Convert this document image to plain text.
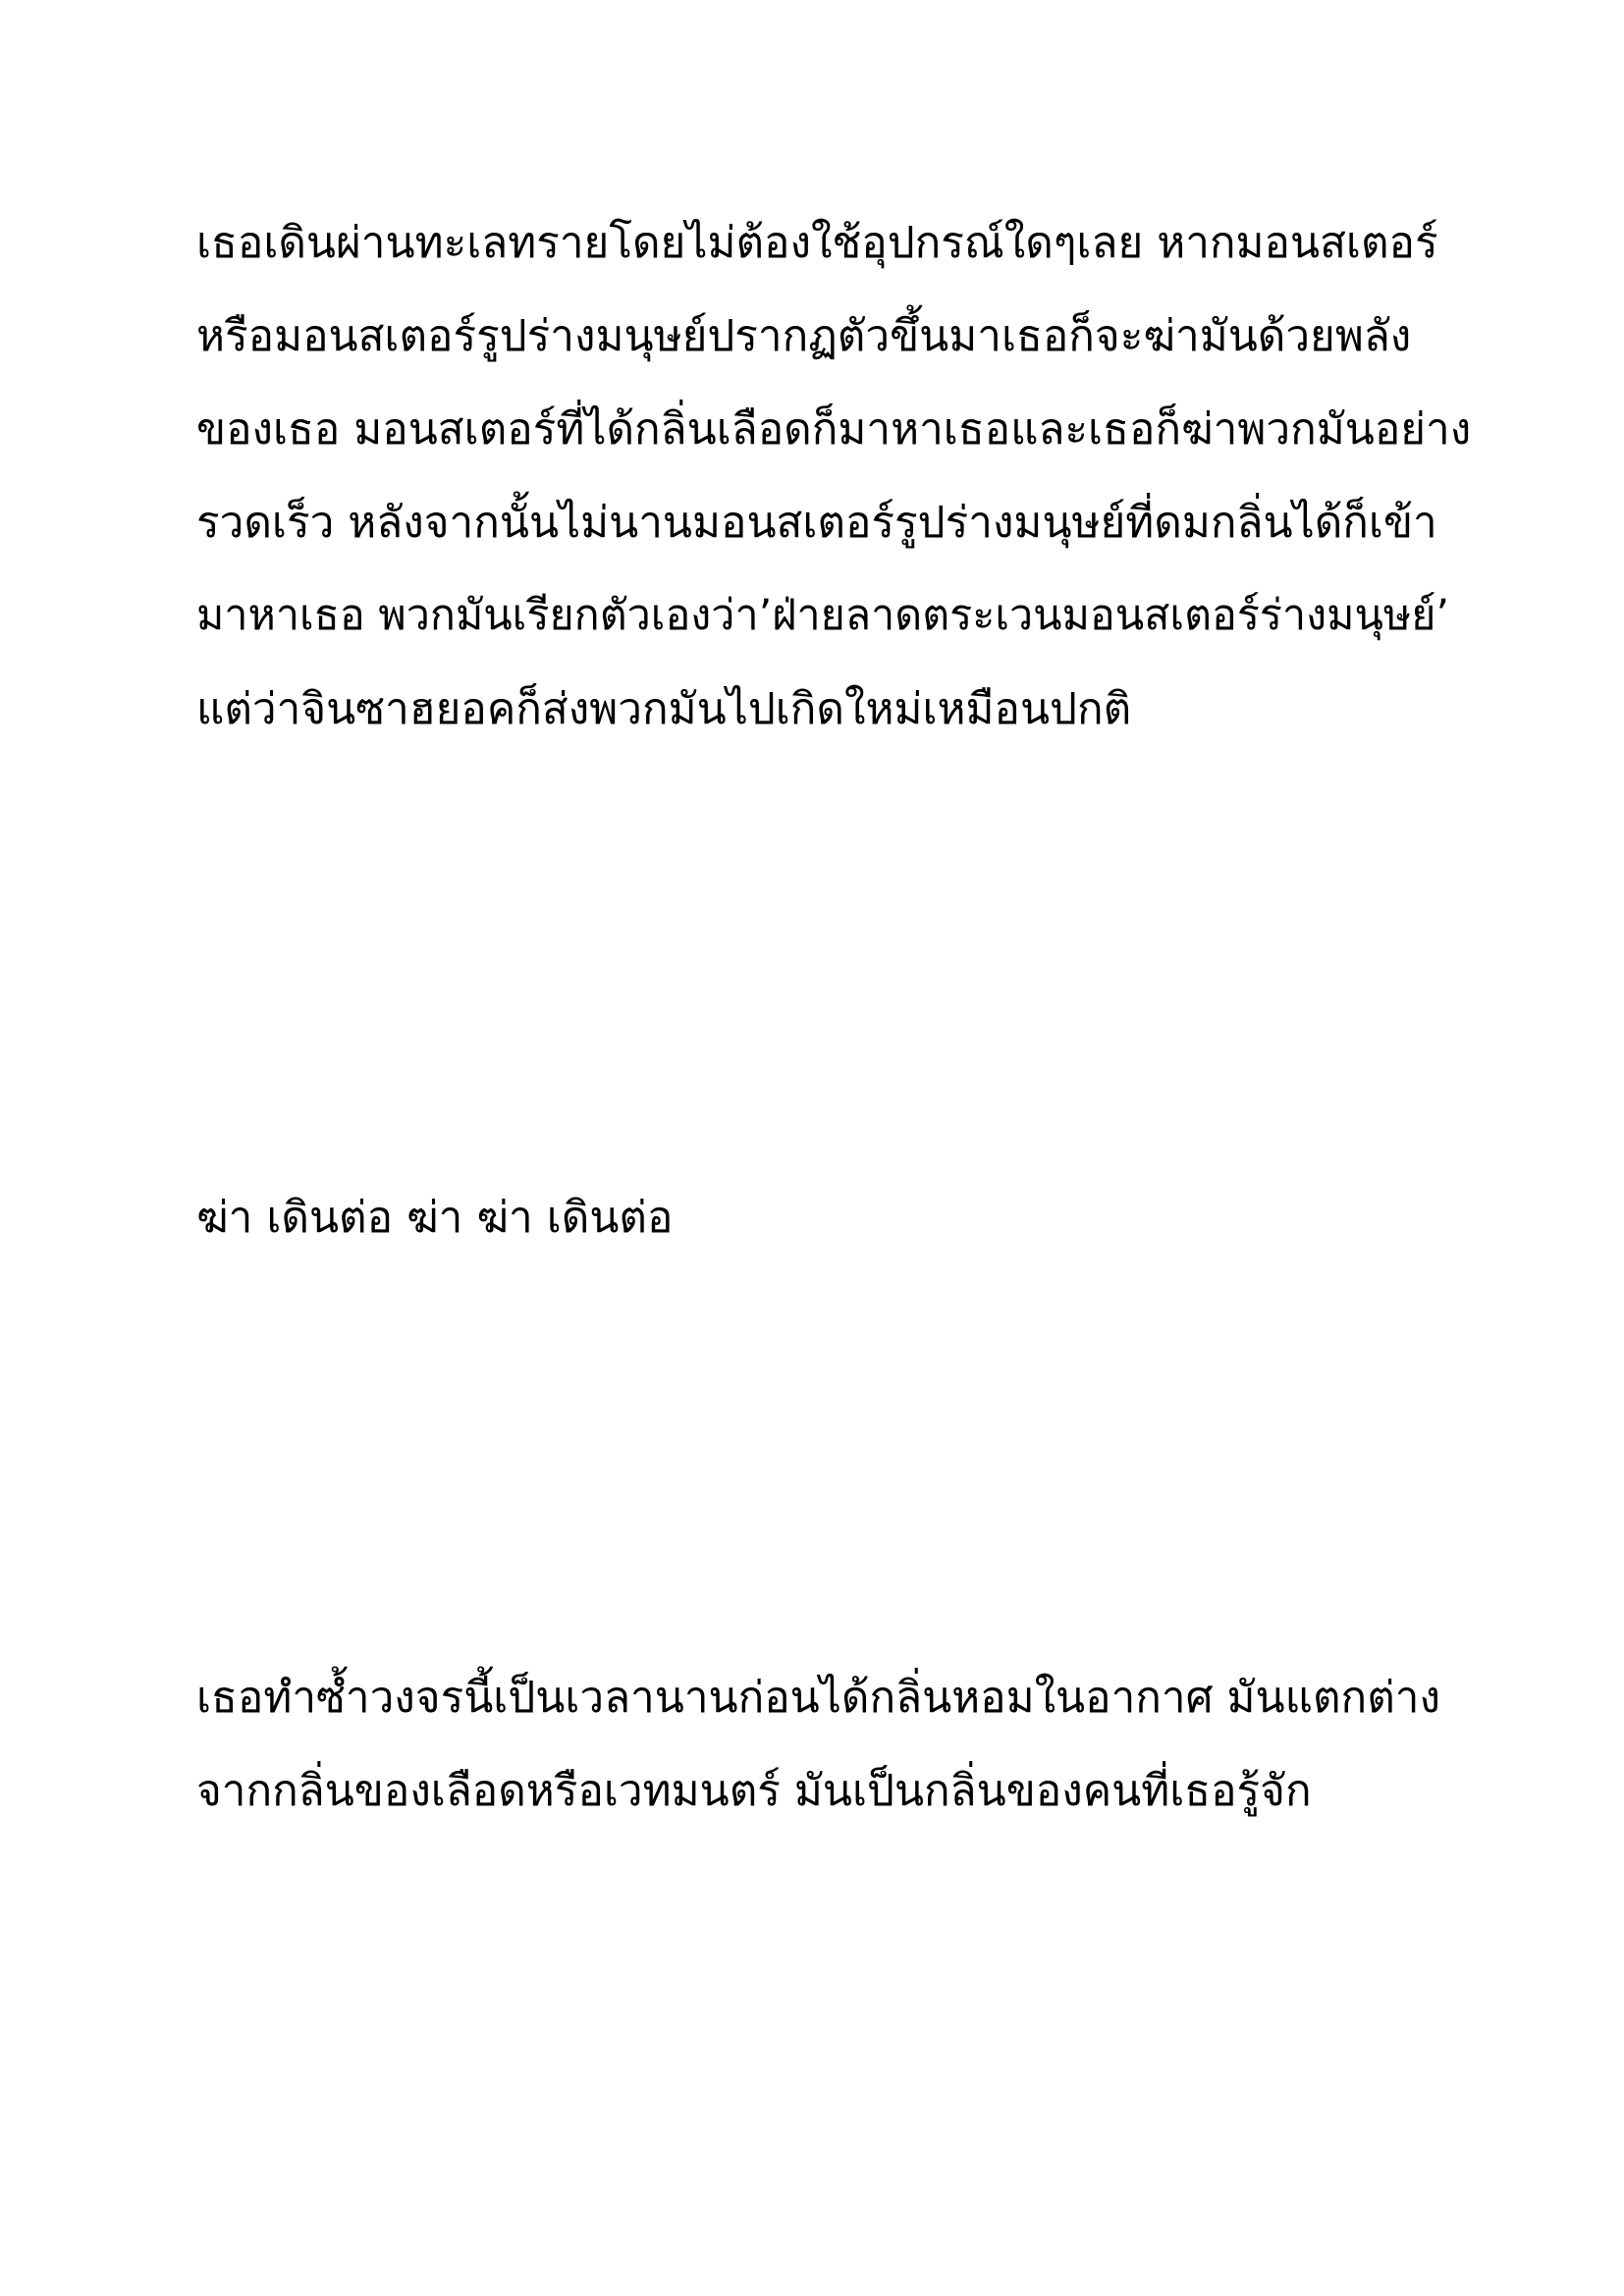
เธอเดินผ่านทะเลทรายโดยไม่ต้องใช้อุปกรณ์ใดๆเลย หากมอนสเตอร์
หรือมอนสเตอร์รูปร่างมนุษย์ปรากฏตัวขึ้นมาเธอก็จะฆ่ามันด้วยพลัง
ของเธอ มอนสเตอร์ที่ได้กลิ่นเลือดก็มาหาเธอและเธอก็ฆ่าพวกมันอย่าง
รวดเร็ว หลังจากนั้นไม่นานมอนสเตอร์รูปร่างมนุษย์ที่ดมกลิ่นได้ก็เข้า
มาหาเธอ พวกมันเรียกตัวเองว่า’ฝ่ายลาดตระเวนมอนสเตอร์ร่างมนุษย์’
แต่ว่าจินซาฮยอคก็ส่งพวกมันไปเกิดใหม่เหมือนปกติ
ฆ่า เดินต่อ ฆ่า ฆ่า เดินต่อ
เธอทำซ้ำวงจรนี้เป็นเวลานานก่อนได้กลิ่นหอมในอากาศ มันแตกต่าง
จากกลิ่นของเลือดหรือเวทมนตร์ มันเป็นกลิ่นของคนที่เธอรู้จัก
